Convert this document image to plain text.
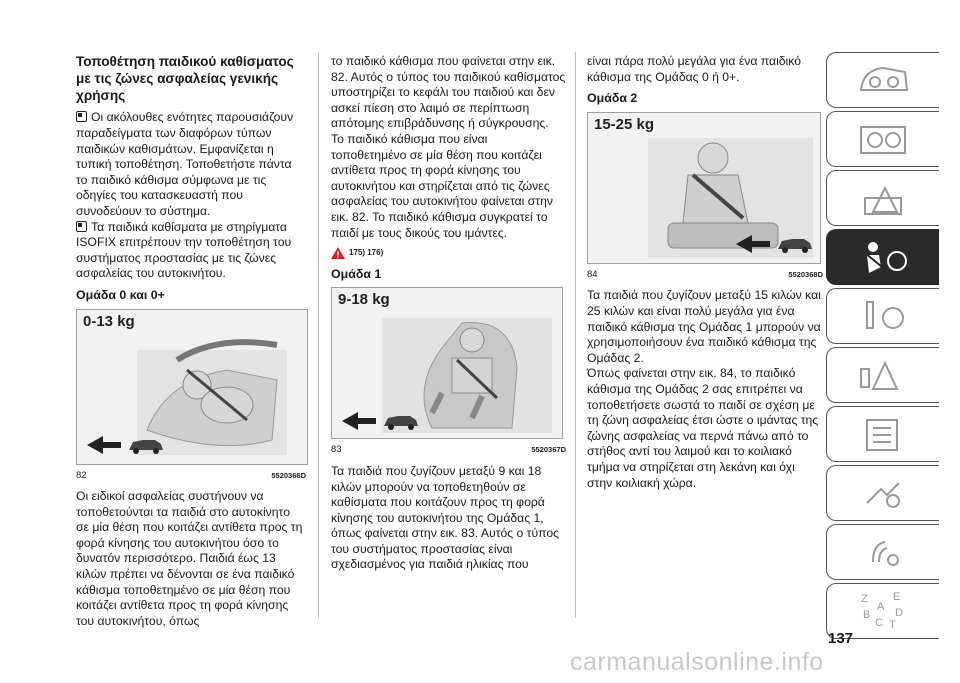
Τοποθέτηση παιδικού καθίσματος με τις ζώνες ασφαλείας γενικής χρήσης

Οι ακόλουθες ενότητες παρουσιάζουν παραδείγματα των διαφόρων τύπων παιδικών καθισμάτων. Εμφανίζεται η τυπική τοποθέτηση. Τοποθετήστε πάντα το παιδικό κάθισμα σύμφωνα με τις οδηγίες του κατασκευαστή που συνοδεύουν το σύστημα.

Τα παιδικά καθίσματα με στηρίγματα ISOFIX επιτρέπουν την τοποθέτηση του συστήματος προστασίας με τις ζώνες ασφαλείας του αυτοκινήτου.

Ομάδα 0 και 0+
0-13 kg
82	5520366D

Οι ειδικοί ασφαλείας συστήνουν να τοποθετούνται τα παιδιά στο αυτοκίνητο σε μία θέση που κοιτάζει αντίθετα προς τη φορά κίνησης του αυτοκινήτου όσο το δυνατόν περισσότερο. Παιδιά έως 13 κιλών πρέπει να δένονται σε ένα παιδικό κάθισμα τοποθετημένο σε μία θέση που κοιτάζει αντίθετα προς τη φορά κίνησης του αυτοκινήτου, όπως

το παιδικό κάθισμα που φαίνεται στην εικ. 82. Αυτός ο τύπος του παιδικού καθίσματος υποστηρίζει το κεφάλι του παιδιού και δεν ασκεί πίεση στο λαιμό σε περίπτωση απότομης επιβράδυνσης ή σύγκρουσης.

Το παιδικό κάθισμα που είναι τοποθετημένο σε μία θέση που κοιτάζει αντίθετα προς τη φορά κίνησης του αυτοκινήτου και στηρίζεται από τις ζώνες ασφαλείας του αυτοκινήτου φαίνεται στην εικ. 82. Το παιδικό κάθισμα συγκρατεί το παιδί με τους δικούς του ιμάντες.

175) 176)
Ομάδα 1
9-18 kg
83	5520367D

Τα παιδιά που ζυγίζουν μεταξύ 9 και 18 κιλών μπορούν να τοποθετηθούν σε καθίσματα που κοιτάζουν προς τη φορά κίνησης του αυτοκινήτου της Ομάδας 1, όπως φαίνεται στην εικ. 83. Αυτός ο τύπος του συστήματος προστασίας είναι σχεδιασμένος για παιδιά ηλικίας που

είναι πάρα πολύ μεγάλα για ένα παιδικό κάθισμα της Ομάδας 0 ή 0+.

Ομάδα 2
15-25 kg
84	5520368D

Τα παιδιά που ζυγίζουν μεταξύ 15 κιλών και 25 κιλών και είναι πολύ μεγάλα για ένα παιδικό κάθισμα της Ομάδας 1 μπορούν να χρησιμοποιήσουν ένα παιδικό κάθισμα της Ομάδας 2.

Όπως φαίνεται στην εικ. 84, το παιδικό κάθισμα της Ομάδας 2 σας επιτρέπει να τοποθετήσετε σωστά το παιδί σε σχέση με τη ζώνη ασφαλείας έτσι ώστε ο ιμάντας της ζώνης ασφαλείας να περνά πάνω από το στήθος αντί του λαιμού και το κοιλιακό τμήμα να στηρίζεται στη λεκάνη και όχι στην κοιλιακή χώρα.

Z E
B D
A
C T
137
carmanualsonline.info
